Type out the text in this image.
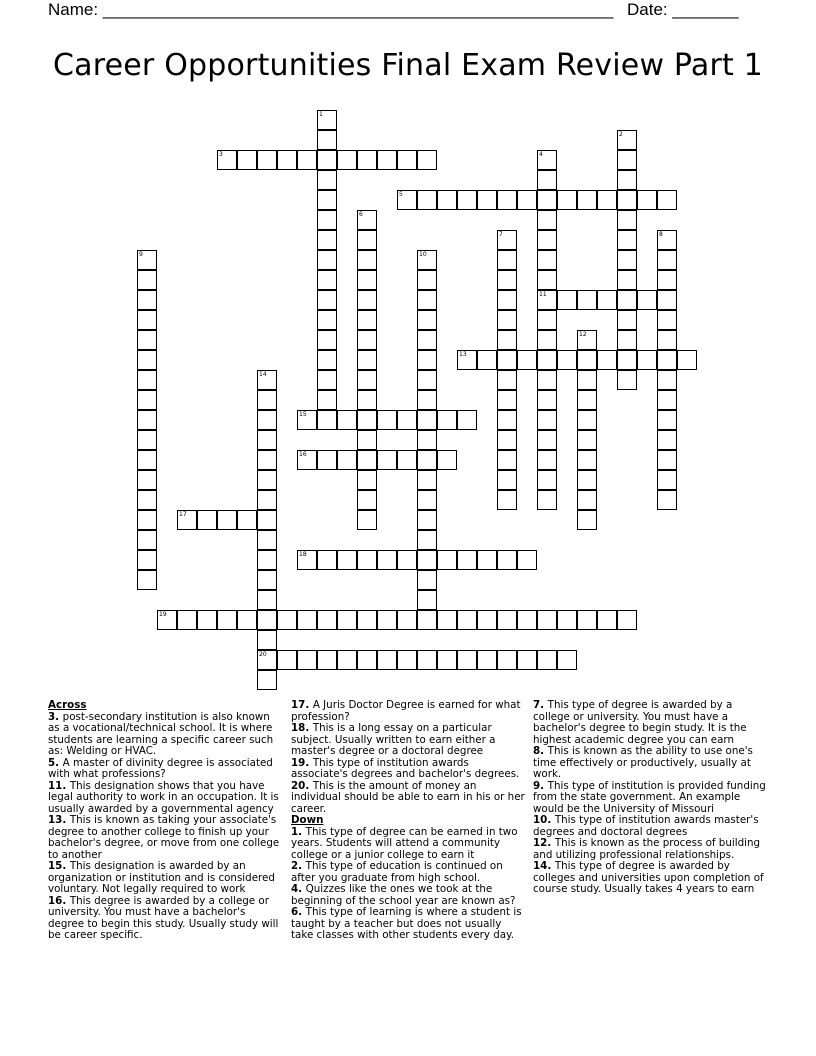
Name: ______________________________________________________ Date: _______
Career Opportunities Final Exam Review Part 1
1
2
3	4
11
5
6
7	8
9	10
12
13
14
20
15
16
17
18
19
Across
3. post-secondary institution is also known as a vocational/technical school. It is where students are learning a specific career such as: Welding or HVAC.
5. A master of divinity degree is associated with what professions?
11. This designation shows that you have legal authority to work in an occupation. It is usually awarded by a governmental agency
13. This is known as taking your associate's degree to another college to finish up your bachelor's degree, or move from one college to another
15. This designation is awarded by an organization or institution and is considered voluntary. Not legally required to work
16. This degree is awarded by a college or university. You must have a bachelor's degree to begin this study. Usually study will be career specific.
17. A Juris Doctor Degree is earned for what profession?
18. This is a long essay on a particular subject. Usually written to earn either a master's degree or a doctoral degree
19. This type of institution awards associate's degrees and bachelor's degrees.
20. This is the amount of money an individual should be able to earn in his or her career.
Down
1. This type of degree can be earned in two years. Students will attend a community college or a junior college to earn it
2. This type of education is continued on after you graduate from high school.
4. Quizzes like the ones we took at the beginning of the school year are known as?
6. This type of learning is where a student is taught by a teacher but does not usually take classes with other students every day.
7. This type of degree is awarded by a college or university. You must have a bachelor's degree to begin study. It is the highest academic degree you can earn
8. This is known as the ability to use one's time effectively or productively, usually at work.
9. This type of institution is provided funding from the state government. An example would be the University of Missouri
10. This type of institution awards master's degrees and doctoral degrees
12. This is known as the process of building and utilizing professional relationships.
14. This type of degree is awarded by colleges and universities upon completion of course study. Usually takes 4 years to earn
